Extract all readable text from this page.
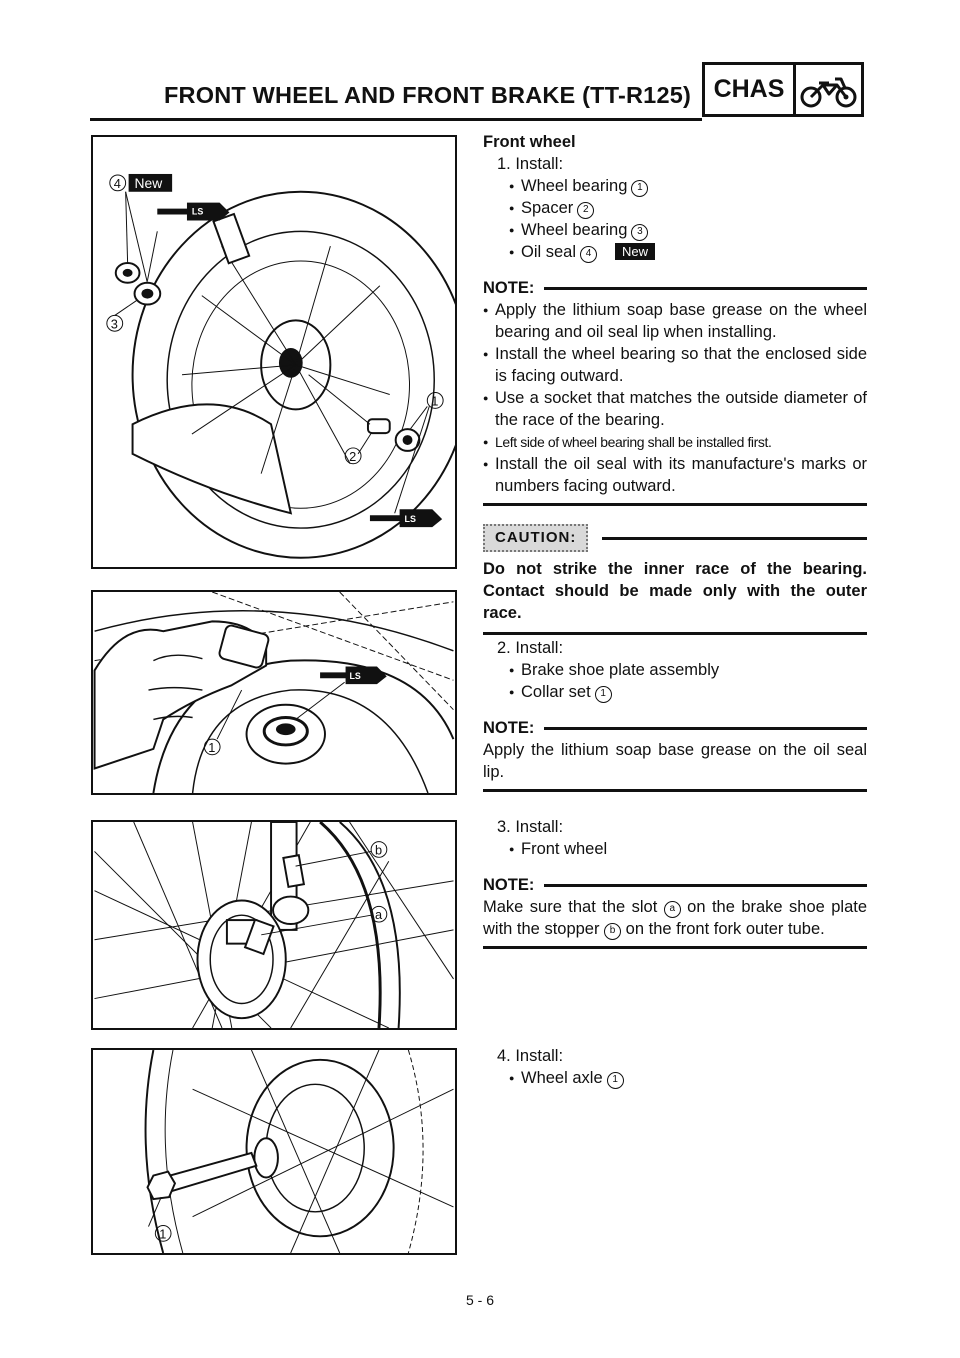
FRONT WHEEL AND FRONT BRAKE (TT-R125) CHAS
LS
LS
4 New
3
1
2
LS
1
b
a
1
Front wheel
1. Install:
● Wheel bearing 1
● Spacer 2
● Wheel bearing 3
● Oil seal 4 New
NOTE:
● Apply the lithium soap base grease on the wheel bearing and oil seal lip when installing.
● Install the wheel bearing so that the enclosed side is facing outward.
● Use a socket that matches the outside diameter of the race of the bearing.
● Left side of wheel bearing shall be installed first.
● Install the oil seal with its manufacture's marks or numbers facing outward.
CAUTION:
Do not strike the inner race of the bearing. Contact should be made only with the outer race.
2. Install:
● Brake shoe plate assembly
● Collar set 1
NOTE:
Apply the lithium soap base grease on the oil seal lip.
3. Install:
● Front wheel
NOTE:
Make sure that the slot a on the brake shoe plate with the stopper b on the front fork outer tube.
4. Install:
● Wheel axle 1
5 - 6
